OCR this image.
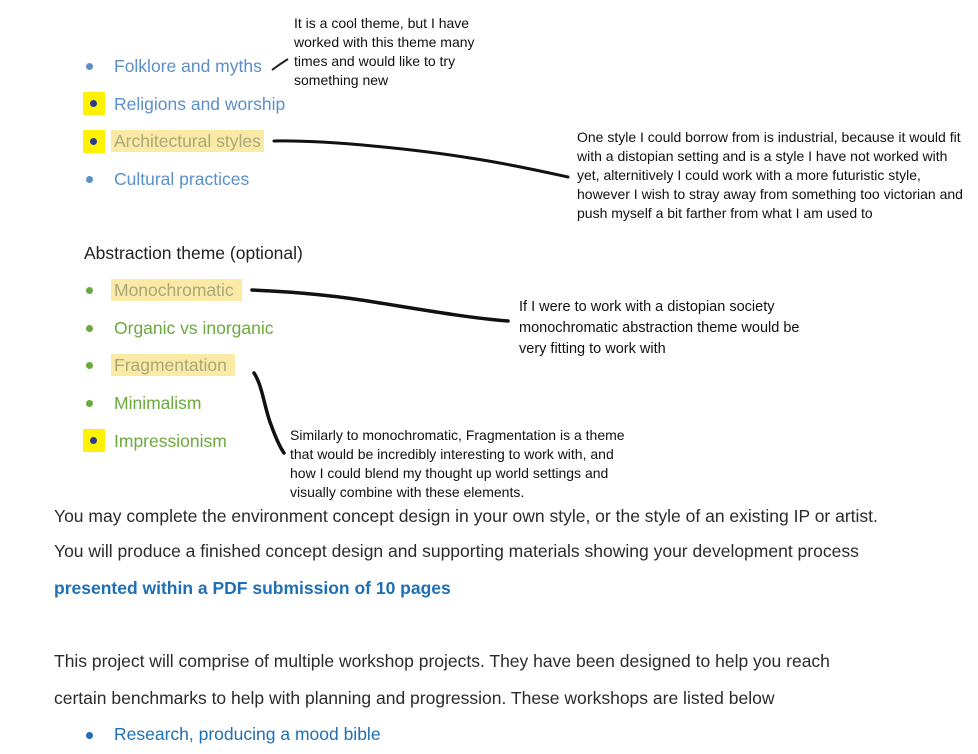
Folklore and myths
Religions and worship
Architectural styles
Cultural practices
Abstraction theme (optional)
Monochromatic
Organic vs inorganic
Fragmentation
Minimalism
Impressionism
It is a cool theme, but I have worked with this theme many times and would like to try something new
One style I could borrow from is industrial, because it would fit with a distopian setting and is a style I have not worked with yet, alternitively I could work with a more futuristic style, however I wish to stray away from something too victorian and push myself a bit farther from what I am used to
If I were to work with a distopian society monochromatic abstraction theme would be very fitting to work with
Similarly to monochromatic, Fragmentation is a theme that would be incredibly interesting to work with, and how I could blend my thought up world settings and visually combine with these elements.
You may complete the environment concept design in your own style, or the style of an existing IP or artist.
You will produce a finished concept design and supporting materials showing your development process
presented within a PDF submission of 10 pages
This project will comprise of multiple workshop projects. They have been designed to help you reach
certain benchmarks to help with planning and progression. These workshops are listed below
Research, producing a mood bible
